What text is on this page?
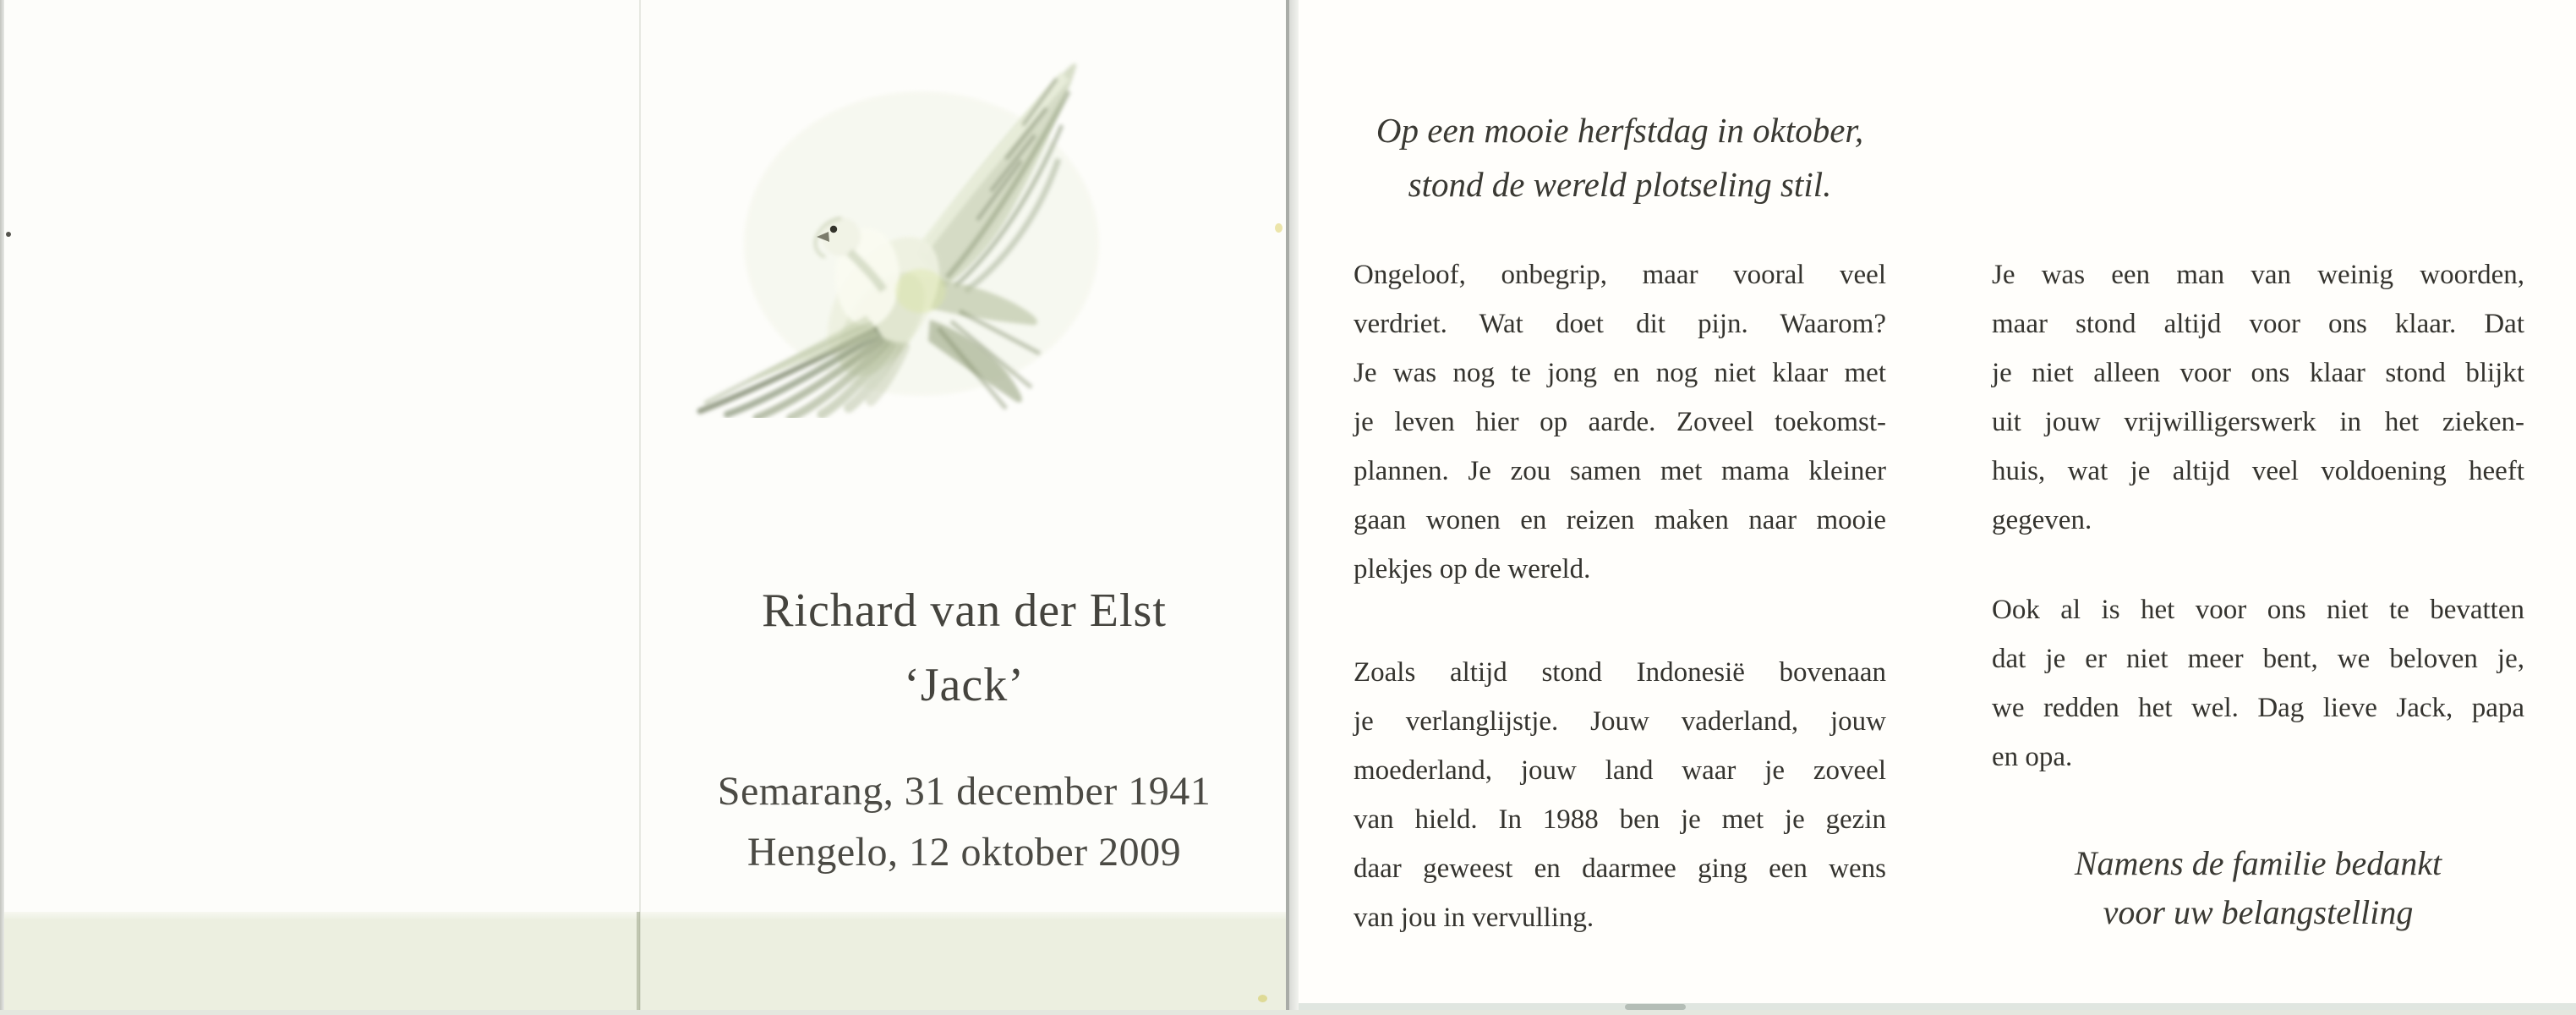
Richard van der Elst
‘Jack’
Semarang, 31 december 1941
Hengelo, 12 oktober 2009
Op een mooie herfstdag in oktober,
stond de wereld plotseling stil.
Ongeloof, onbegrip, maar vooral veel
verdriet. Wat doet dit pijn. Waarom?
Je was nog te jong en nog niet klaar met
je leven hier op aarde. Zoveel toekomst-
plannen. Je zou samen met mama kleiner
gaan wonen en reizen maken naar mooie
plekjes op de wereld.
Zoals altijd stond Indonesië bovenaan
je verlanglijstje. Jouw vaderland, jouw
moederland, jouw land waar je zoveel
van hield. In 1988 ben je met je gezin
daar geweest en daarmee ging een wens
van jou in vervulling.
Je was een man van weinig woorden,
maar stond altijd voor ons klaar. Dat
je niet alleen voor ons klaar stond blijkt
uit jouw vrijwilligerswerk in het zieken-
huis, wat je altijd veel voldoening heeft
gegeven.
Ook al is het voor ons niet te bevatten
dat je er niet meer bent, we beloven je,
we redden het wel. Dag lieve Jack, papa
en opa.
Namens de familie bedankt
voor uw belangstelling
